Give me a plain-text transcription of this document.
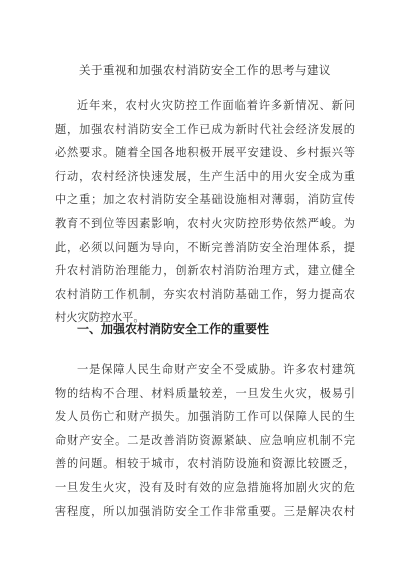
关于重视和加强农村消防安全工作的思考与建议
近年来，农村火灾防控工作面临着许多新情况、新问
题，加强农村消防安全工作已成为新时代社会经济发展的
必然要求。随着全国各地积极开展平安建设、乡村振兴等
行动，农村经济快速发展，生产生活中的用火安全成为重
中之重；加之农村消防安全基础设施相对薄弱，消防宣传
教育不到位等因素影响，农村火灾防控形势依然严峻。为
此，必须以问题为导向，不断完善消防安全治理体系，提
升农村消防治理能力，创新农村消防治理方式，建立健全
农村消防工作机制，夯实农村消防基础工作，努力提高农
村火灾防控水平。
一、加强农村消防安全工作的重要性
一是保障人民生命财产安全不受威胁。许多农村建筑
物的结构不合理、材料质量较差，一旦发生火灾，极易引
发人员伤亡和财产损失。加强消防工作可以保障人民的生
命财产安全。二是改善消防资源紧缺、应急响应机制不完
善的问题。相较于城市，农村消防设施和资源比较匮乏，
一旦发生火灾，没有及时有效的应急措施将加剧火灾的危
害程度，所以加强消防安全工作非常重要。三是解决农村
